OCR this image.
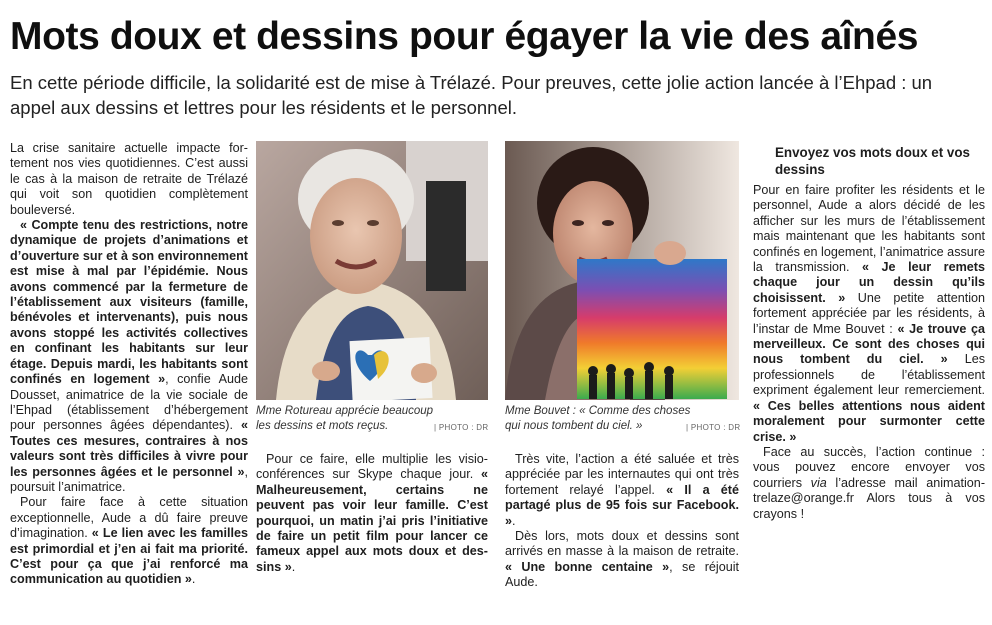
Mots doux et dessins pour égayer la vie des aînés
En cette période difficile, la solidarité est de mise à Trélazé. Pour preuves, cette jolie action lancée à l’Ehpad : un appel aux dessins et lettres pour les résidents et le personnel.

La crise sanitaire actuelle impacte fortement nos vies quotidiennes. C’est aussi le cas à la maison de retraite de Trélazé qui voit son quotidien complètement bouleversé.

« Compte tenu des restrictions, notre dynamique de projets d’animations et d’ouverture sur et à son environnement est mise à mal par l’épidémie. Nous avons commencé par la fermeture de l’établissement aux visiteurs (famille, bénévoles et intervenants), puis nous avons stoppé les activités collectives en confinant les habitants sur leur étage. Depuis mardi, les habitants sont confinés en logement », confie Aude Dousset, animatrice de la vie sociale de l’Ehpad (établissement d’hébergement pour personnes âgées dépendantes). « Toutes ces mesures, contraires à nos valeurs sont très difficiles à vivre pour les personnes âgées et le personnel », poursuit l’animatrice.

Pour faire face à cette situation exceptionnelle, Aude a dû faire preuve d’imagination. « Le lien avec les familles est primordial et j’en ai fait ma priorité. C’est pour ça que j’ai renforcé ma communication au quotidien ».

Mme Rotureau apprécie beaucoup les dessins et mots reçus.	| PHOTO : DR
Mme Bouvet : « Comme des choses qui nous tombent du ciel. »	| PHOTO : DR

Pour ce faire, elle multiplie les visioconférences sur Skype chaque jour. « Malheureusement, certains ne peuvent pas voir leur famille. C’est pourquoi, un matin j’ai pris l’initiative de faire un petit film pour lancer ce fameux appel aux mots doux et dessins ».

Très vite, l’action a été saluée et très appréciée par les internautes qui ont très fortement relayé l’appel. « Il a été partagé plus de 95 fois sur Facebook. ».

Dès lors, mots doux et dessins sont arrivés en masse à la maison de retraite. « Une bonne centaine », se réjouit Aude.

Envoyez vos mots doux et vos dessins

Pour en faire profiter les résidents et le personnel, Aude a alors décidé de les afficher sur les murs de l’établissement mais maintenant que les habitants sont confinés en logement, l’animatrice assure la transmission. « Je leur remets chaque jour un dessin qu’ils choisissent. » Une petite attention fortement appréciée par les résidents, à l’instar de Mme Bouvet : « Je trouve ça merveilleux. Ce sont des choses qui nous tombent du ciel. » Les professionnels de l’établissement expriment également leur remerciement. « Ces belles attentions nous aident moralement pour surmonter cette crise. »

Face au succès, l’action continue : vous pouvez encore envoyer vos courriers via l’adresse mail animationtrelaze@orange.fr Alors tous à vos crayons !
